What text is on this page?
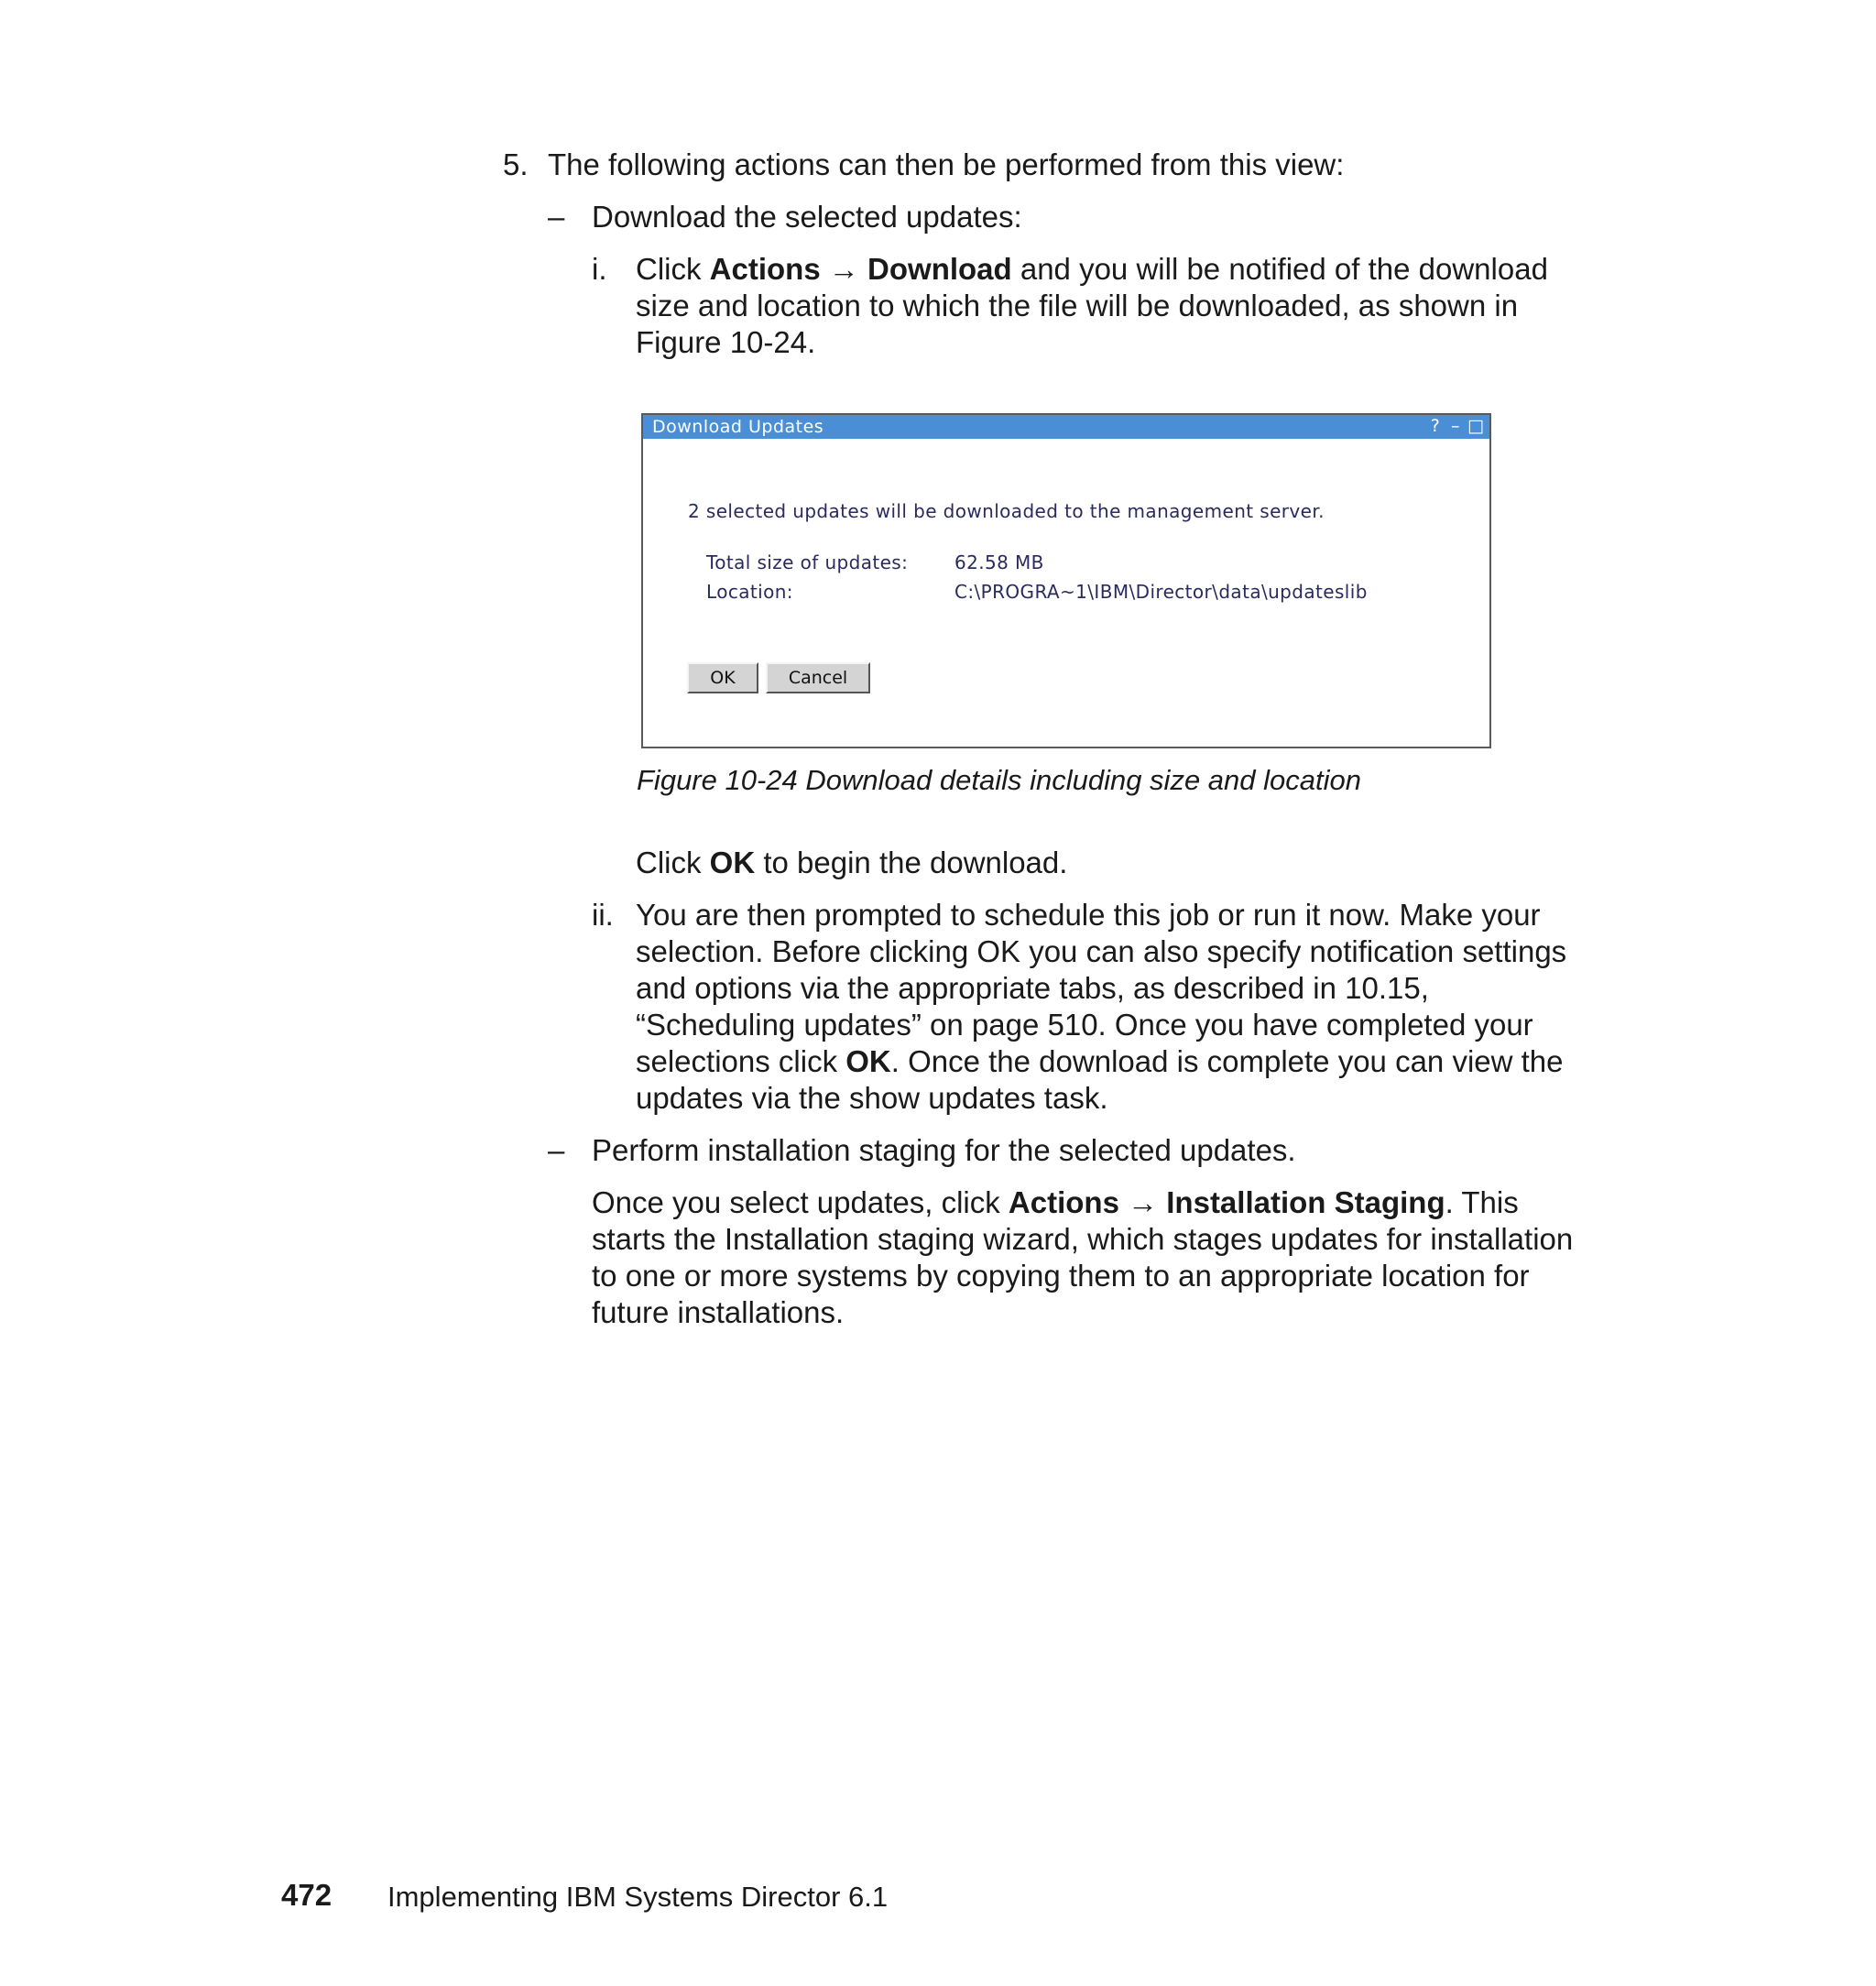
5. The following actions can then be performed from this view:
– Download the selected updates:
i. Click Actions → Download and you will be notified of the download
size and location to which the file will be downloaded, as shown in
Figure 10-24.
Download Updates	? – □
2 selected updates will be downloaded to the management server.
Total size of updates:	62.58 MB
Location:	C:\PROGRA~1\IBM\Director\data\updateslib
OK	Cancel
Figure 10-24 Download details including size and location
Click OK to begin the download.
ii. You are then prompted to schedule this job or run it now. Make your
selection. Before clicking OK you can also specify notification settings
and options via the appropriate tabs, as described in 10.15,
“Scheduling updates” on page 510. Once you have completed your
selections click OK. Once the download is complete you can view the
updates via the show updates task.
– Perform installation staging for the selected updates.
Once you select updates, click Actions → Installation Staging. This
starts the Installation staging wizard, which stages updates for installation
to one or more systems by copying them to an appropriate location for
future installations.
472 Implementing IBM Systems Director 6.1
